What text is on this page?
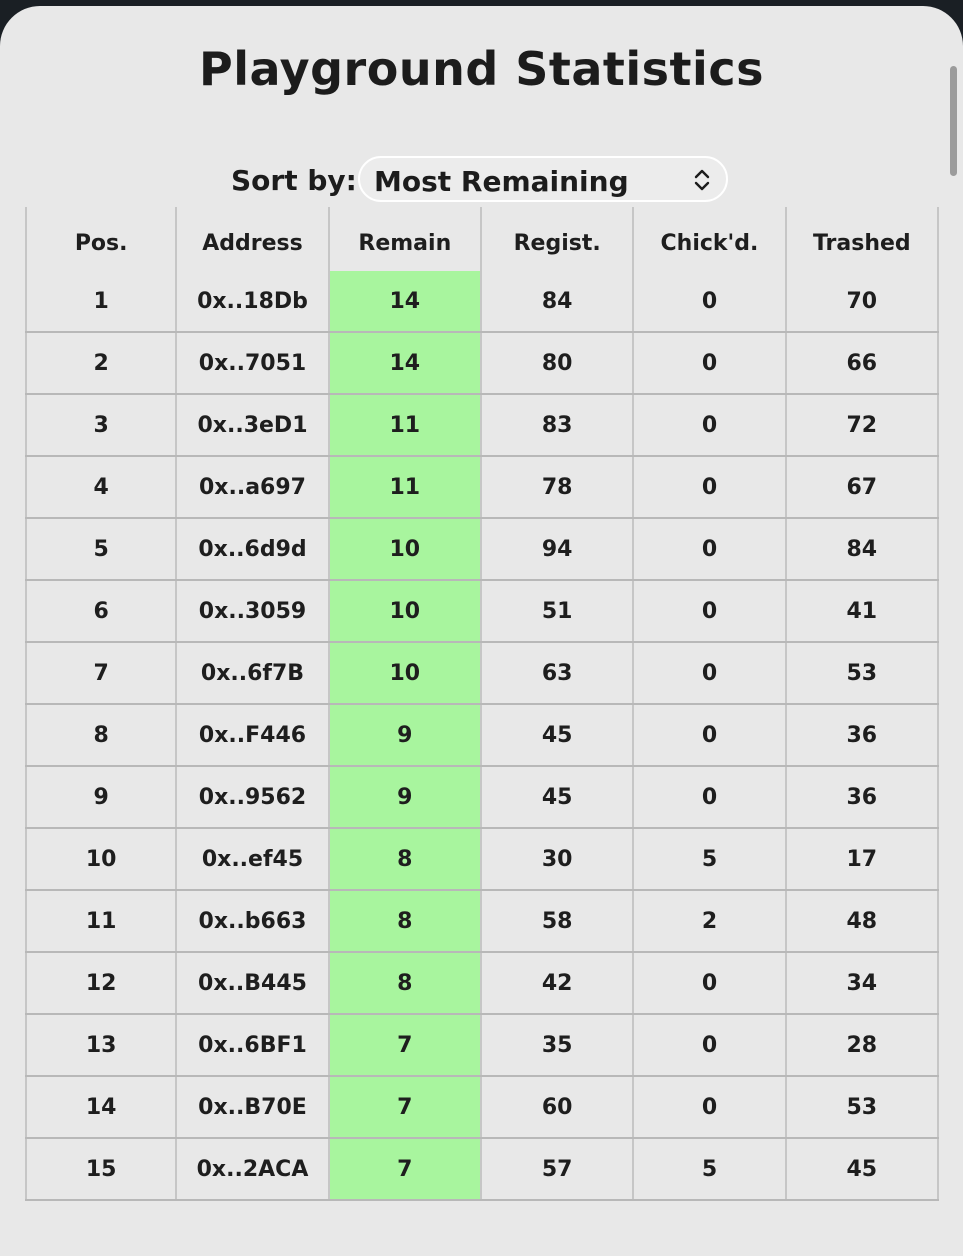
Playground Statistics
Sort by: Most Remaining
Pos.	Address	Remain	Regist.	Chick'd.	Trashed
1	0x..18Db	14	84	0	70
2	0x..7051	14	80	0	66
3	0x..3eD1	11	83	0	72
4	0x..a697	11	78	0	67
5	0x..6d9d	10	94	0	84
6	0x..3059	10	51	0	41
7	0x..6f7B	10	63	0	53
8	0x..F446	9	45	0	36
9	0x..9562	9	45	0	36
10	0x..ef45	8	30	5	17
11	0x..b663	8	58	2	48
12	0x..B445	8	42	0	34
13	0x..6BF1	7	35	0	28
14	0x..B70E	7	60	0	53
15	0x..2ACA	7	57	5	45
